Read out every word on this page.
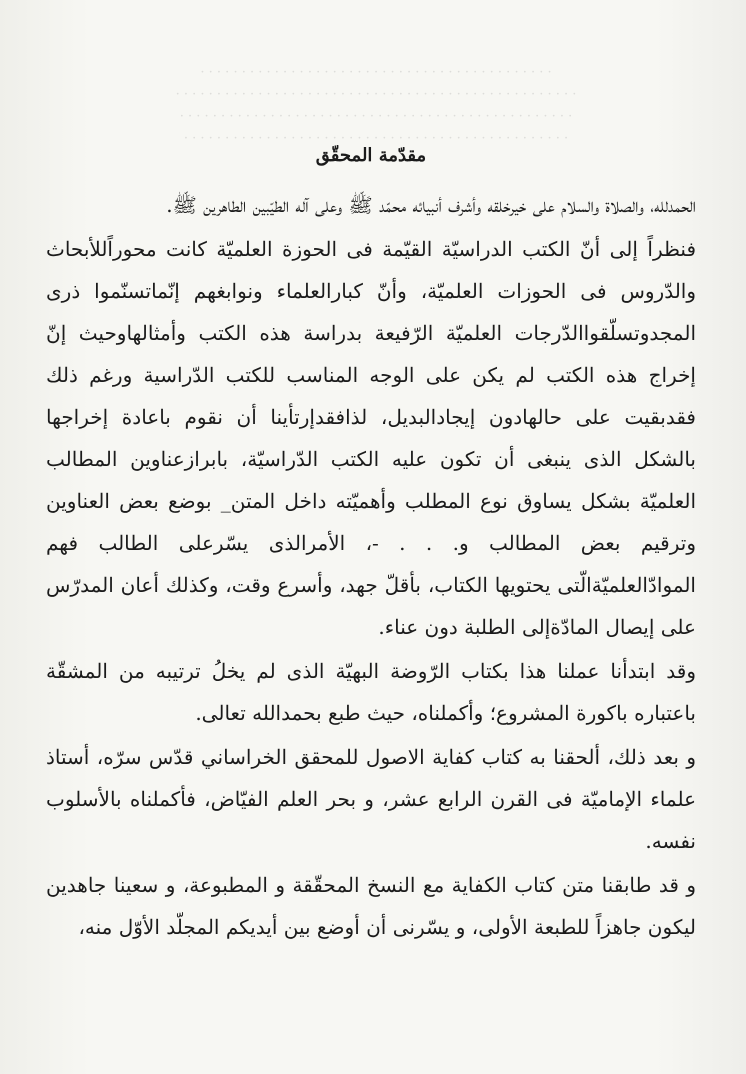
· · · · · · · · · · · · · · · · · · · · · · · · · · · · · · · · · · · · · · · · · · ·
· · · · · · · · · · · · · · · · · · · · · · · · · · · · · · · · · · · · · · · · · · · · · · · · ·
· · · · · · · · · · · · · · · · · · · · · · · · · · · · · · · · · · · · · · · · · · · · · · · ·
· · · · · · · · · · · · · · · · · · · · · · · · · · · · · · · · · · · · · · · · · · · · · · ·
مقدّمة المحقّق

الحمدلله، والصلاة والسلام على خيرخلقه وأشرف أنبيائه محمّد ﷺ وعلى آله الطيّبين الطاهرين ﷺ.

فنظراً إلى أنّ الكتب الدراسيّة القيّمة فى الحوزة العلميّة كانت محوراًللأبحاث والدّروس فى الحوزات العلميّة، وأنّ كبارالعلماء ونوابغهم إنّماتسنّموا ذرى المجدوتسلّقواالدّرجات العلميّة الرّفيعة بدراسة هذه الكتب وأمثالهاوحيث إنّ إخراج هذه الكتب لم يكن على الوجه المناسب للكتب الدّراسية ورغم ذلك فقدبقيت على حالهادون إيجادالبديل، لذافقدإرتأينا أن نقوم باعادة إخراجها بالشكل الذى ينبغى أن تكون عليه الكتب الدّراسيّة، بابرازعناوين المطالب العلميّة بشكل يساوق نوع المطلب وأهميّته داخل المتن_ بوضع بعض العناوين وترقيم بعض المطالب و. . . -، الأمرالذى يسّرعلى الطالب فهم الموادّالعلميّةالّتى يحتويها الكتاب، بأقلّ جهد، وأسرع وقت، وكذلك أعان المدرّس على إيصال المادّةإلى الطلبة دون عناء.

وقد ابتدأنا عملنا هذا بكتاب الرّوضة البهيّة الذى لم يخلُ ترتيبه من المشقّة باعتباره باكورة المشروع؛ وأكملناه، حيث طبع بحمدالله تعالى.

و بعد ذلك، ألحقنا به كتاب كفاية الاصول للمحقق الخراساني قدّس سرّه، أستاذ علماء الإماميّة فى القرن الرابع عشر، و بحر العلم الفيّاض، فأكملناه بالأسلوب نفسه.

و قد طابقنا متن كتاب الكفاية مع النسخ المحقّقة و المطبوعة، و سعينا جاهدين ليكون جاهزاً للطبعة الأولى، و يسّرنى أن أوضع بين أيديكم المجلّد الأوّل منه،
